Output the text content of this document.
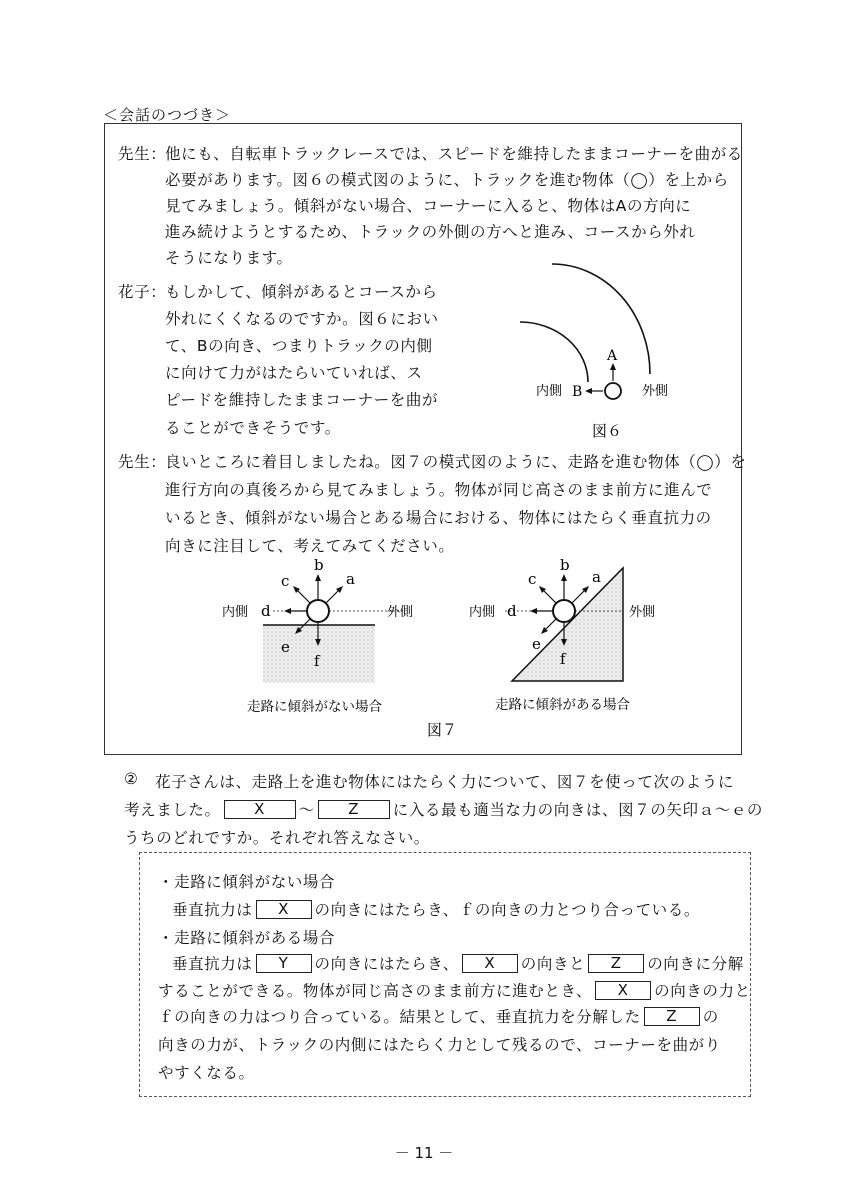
＜会話のつづき＞
先生：
他にも、自転車トラックレースでは、スピードを維持したままコーナーを曲がる
必要があります。図６の模式図のように、トラックを進む物体（◯）を上から
見てみましょう。傾斜がない場合、コーナーに入ると、物体はAの方向に
進み続けようとするため、トラックの外側の方へと進み、コースから外れ
そうになります。
花子：
もしかして、傾斜があるとコースから
外れにくくなるのですか。図６におい
て、Bの向き、つまりトラックの内側
に向けて力がはたらいていれば、ス
ピードを維持したままコーナーを曲が
ることができそうです。
A
B
内側	外側
図６
先生：
良いところに着目しましたね。図７の模式図のように、走路を進む物体（◯）を
進行方向の真後ろから見てみましょう。物体が同じ高さのまま前方に進んで
いるとき、傾斜がない場合とある場合における、物体にはたらく垂直抗力の
向きに注目して、考えてみてください。
b
a
c
d
e
f
内側	外側
走路に傾斜がない場合
b
a
c
d
e
f
内側	外側
走路に傾斜がある場合
図７
② 花子さんは、走路上を進む物体にはたらく力について、図７を使って次のように
考えました。 X ～ Z に入る最も適当な力の向きは、図７の矢印ａ～ｅの
うちのどれですか。それぞれ答えなさい。
・走路に傾斜がない場合
垂直抗力は X の向きにはたらき、ｆの向きの力とつり合っている。
・走路に傾斜がある場合
垂直抗力は Y の向きにはたらき、 X の向きと Z の向きに分解
することができる。物体が同じ高さのまま前方に進むとき、 X の向きの力と
ｆの向きの力はつり合っている。結果として、垂直抗力を分解した Z の
向きの力が、トラックの内側にはたらく力として残るので、コーナーを曲がり
やすくなる。
－ 11 －
